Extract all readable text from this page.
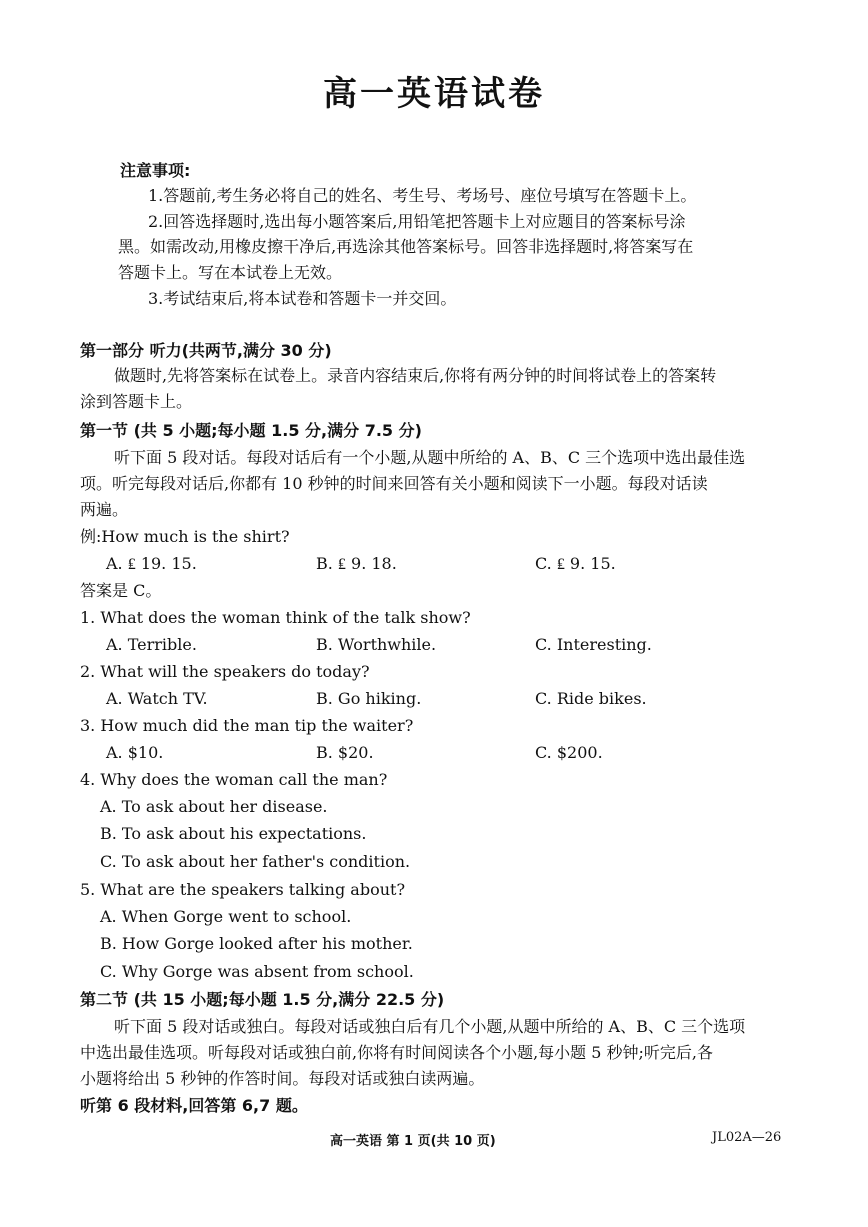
高一英语试卷
注意事项:
1.答题前,考生务必将自己的姓名、考生号、考场号、座位号填写在答题卡上。
2.回答选择题时,选出每小题答案后,用铅笔把答题卡上对应题目的答案标号涂
黑。如需改动,用橡皮擦干净后,再选涂其他答案标号。回答非选择题时,将答案写在
答题卡上。写在本试卷上无效。
3.考试结束后,将本试卷和答题卡一并交回。
第一部分 听力(共两节,满分 30 分)
做题时,先将答案标在试卷上。录音内容结束后,你将有两分钟的时间将试卷上的答案转
涂到答题卡上。
第一节 (共 5 小题;每小题 1.5 分,满分 7.5 分)
听下面 5 段对话。每段对话后有一个小题,从题中所给的 A、B、C 三个选项中选出最佳选
项。听完每段对话后,你都有 10 秒钟的时间来回答有关小题和阅读下一小题。每段对话读
两遍。
例:How much is the shirt?
A. ₤ 19. 15.	B. ₤ 9. 18.	C. ₤ 9. 15.
答案是 C。
1. What does the woman think of the talk show?
A. Terrible.	B. Worthwhile.	C. Interesting.
2. What will the speakers do today?
A. Watch TV.	B. Go hiking.	C. Ride bikes.
3. How much did the man tip the waiter?
A. $10.	B. $20.	C. $200.
4. Why does the woman call the man?
A. To ask about her disease.
B. To ask about his expectations.
C. To ask about her father's condition.
5. What are the speakers talking about?
A. When Gorge went to school.
B. How Gorge looked after his mother.
C. Why Gorge was absent from school.
第二节 (共 15 小题;每小题 1.5 分,满分 22.5 分)
听下面 5 段对话或独白。每段对话或独白后有几个小题,从题中所给的 A、B、C 三个选项
中选出最佳选项。听每段对话或独白前,你将有时间阅读各个小题,每小题 5 秒钟;听完后,各
小题将给出 5 秒钟的作答时间。每段对话或独白读两遍。
听第 6 段材料,回答第 6,7 题。
高一英语 第 1 页(共 10 页)	JL02A—26
